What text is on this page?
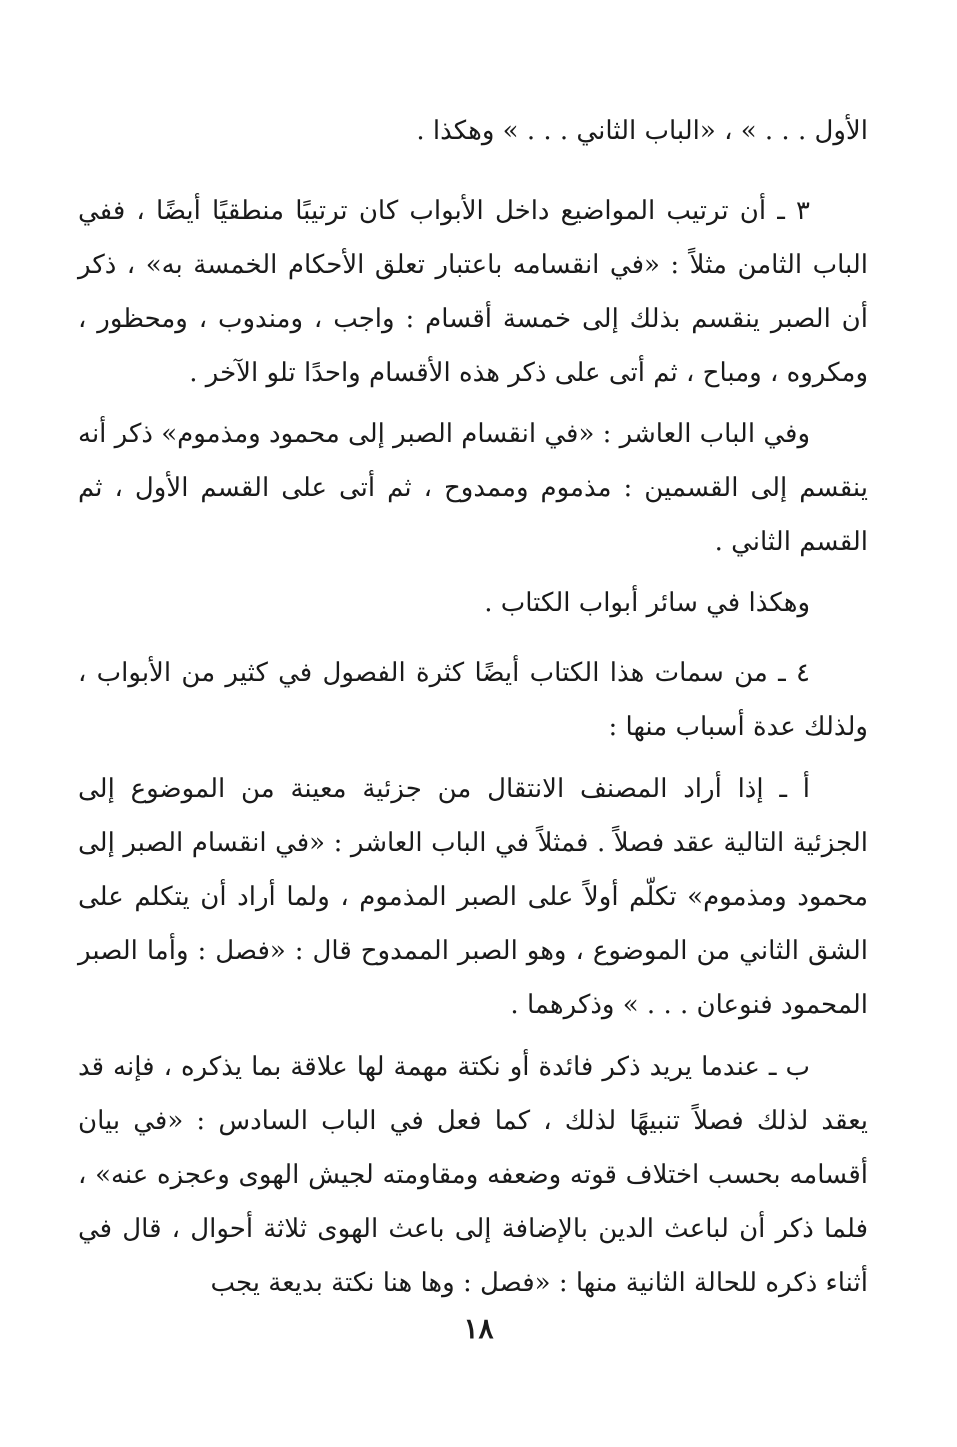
الأول . . . » ، «الباب الثاني . . . » وهكذا .

٣ ـ أن ترتيب المواضيع داخل الأبواب كان ترتيبًا منطقيًا أيضًا ، ففي الباب الثامن مثلاً : «في انقسامه باعتبار تعلق الأحكام الخمسة به» ، ذكر أن الصبر ينقسم بذلك إلى خمسة أقسام : واجب ، ومندوب ، ومحظور ، ومكروه ، ومباح ، ثم أتى على ذكر هذه الأقسام واحدًا تلو الآخر .

وفي الباب العاشر : «في انقسام الصبر إلى محمود ومذموم» ذكر أنه ينقسم إلى القسمين : مذموم وممدوح ، ثم أتى على القسم الأول ، ثم القسم الثاني .

وهكذا في سائر أبواب الكتاب .

٤ ـ من سمات هذا الكتاب أيضًا كثرة الفصول في كثير من الأبواب ، ولذلك عدة أسباب منها :

أ ـ إذا أراد المصنف الانتقال من جزئية معينة من الموضوع إلى الجزئية التالية عقد فصلاً . فمثلاً في الباب العاشر : «في انقسام الصبر إلى محمود ومذموم» تكلّم أولاً على الصبر المذموم ، ولما أراد أن يتكلم على الشق الثاني من الموضوع ، وهو الصبر الممدوح قال : «فصل : وأما الصبر المحمود فنوعان . . . » وذكرهما .

ب ـ عندما يريد ذكر فائدة أو نكتة مهمة لها علاقة بما يذكره ، فإنه قد يعقد لذلك فصلاً تنبيهًا لذلك ، كما فعل في الباب السادس : «في بيان أقسامه بحسب اختلاف قوته وضعفه ومقاومته لجيش الهوى وعجزه عنه» ، فلما ذكر أن لباعث الدين بالإضافة إلى باعث الهوى ثلاثة أحوال ، قال في أثناء ذكره للحالة الثانية منها : «فصل : وها هنا نكتة بديعة يجب

١٨
